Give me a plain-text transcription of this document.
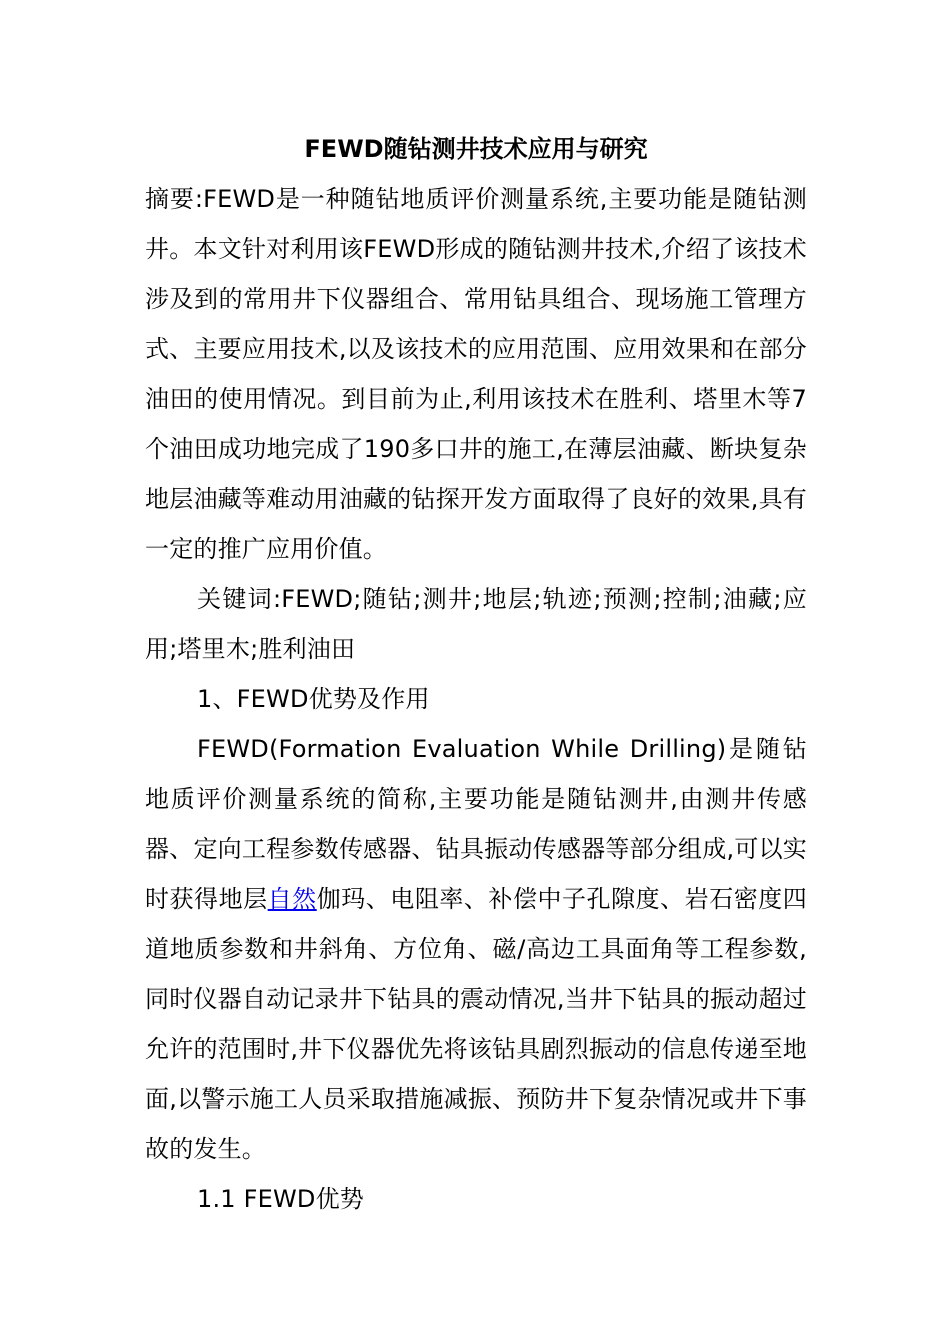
FEWD随钻测井技术应用与研究

摘要:FEWD是一种随钻地质评价测量系统,主要功能是随钻测井。本文针对利用该FEWD形成的随钻测井技术,介绍了该技术涉及到的常用井下仪器组合、常用钻具组合、现场施工管理方式、主要应用技术,以及该技术的应用范围、应用效果和在部分油田的使用情况。到目前为止,利用该技术在胜利、塔里木等7个油田成功地完成了190多口井的施工,在薄层油藏、断块复杂地层油藏等难动用油藏的钻探开发方面取得了良好的效果,具有一定的推广应用价值。

关键词:FEWD;随钻;测井;地层;轨迹;预测;控制;油藏;应用;塔里木;胜利油田

1、FEWD优势及作用

FEWD(Formation Evaluation While Drilling)是随钻地质评价测量系统的简称,主要功能是随钻测井,由测井传感器、定向工程参数传感器、钻具振动传感器等部分组成,可以实时获得地层自然伽玛、电阻率、补偿中子孔隙度、岩石密度四道地质参数和井斜角、方位角、磁/高边工具面角等工程参数,同时仪器自动记录井下钻具的震动情况,当井下钻具的振动超过允许的范围时,井下仪器优先将该钻具剧烈振动的信息传递至地面,以警示施工人员采取措施减振、预防井下复杂情况或井下事故的发生。

1.1 FEWD优势
